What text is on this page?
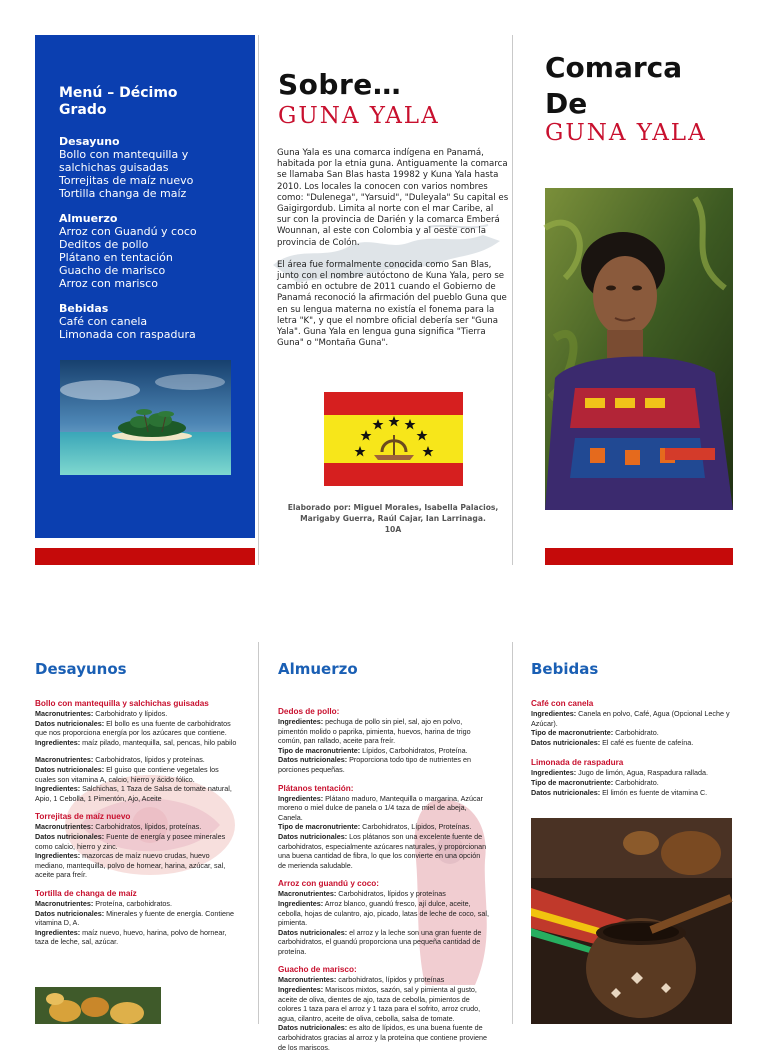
Menú – Décimo
Grado
Desayuno
Bollo con mantequilla y
salchichas guisadas
Torrejitas de maíz nuevo
Tortilla changa de maíz
Almuerzo
Arroz con Guandú y coco
Deditos de pollo
Plátano en tentación
Guacho de marisco
Arroz con marisco
Bebidas
Café con canela
Limonada con raspadura
Sobre…
GUNA YALA

Guna Yala es una comarca indígena en Panamá, habitada por la etnia guna. Antiguamente la comarca se llamaba San Blas hasta 19982 y Kuna Yala hasta 2010. Los locales la conocen con varios nombres como: "Dulenega", "Yarsuid", "Duleyala" Su capital es Gaigirgordub. Limita al norte con el mar Caribe, al sur con la provincia de Darién y la comarca Emberá Wounnan, al este con Colombia y al oeste con la provincia de Colón.

El área fue formalmente conocida como San Blas, junto con el nombre autóctono de Kuna Yala, pero se cambió en octubre de 2011 cuando el Gobierno de Panamá reconoció la afirmación del pueblo Guna que en su lengua materna no existía el fonema para la letra "K", y que el nombre oficial debería ser "Guna Yala". Guna Yala en lengua guna significa "Tierra Guna" o "Montaña Guna".

Elaborado por: Miguel Morales, Isabella Palacios,
Marigaby Guerra, Raúl Cajar, Ian Larrinaga.
10A
Comarca
De
GUNA YALA
Desayunos
Bollo con mantequilla y salchichas guisadas
Macronutrientes: Carbohidrato y lípidos.
Datos nutricionales: El bollo es una fuente de carbohidratos que nos proporciona energía por los azúcares que contiene.
Ingredientes: maíz pilado, mantequilla, sal, pencas, hilo pabilo
Macronutrientes: Carbohidratos, lípidos y proteínas.
Datos nutricionales: El guiso que contiene vegetales los cuales son vitamina A, calcio, hierro y ácido fólico.
Ingredientes: Salchichas, 1 Taza de Salsa de tomate natural, Apio, 1 Cebolla, 1 Pimentón, Ajo, Aceite
Torrejitas de maíz nuevo
Macronutrientes: Carbohidratos, lípidos, proteínas.
Datos nutricionales: Fuente de energía y posee minerales como calcio, hierro y zinc.
Ingredientes: mazorcas de maíz nuevo crudas, huevo mediano, mantequilla, polvo de hornear, harina, azúcar, sal, aceite para freír.
Tortilla de changa de maíz
Macronutrientes: Proteína, carbohidratos.
Datos nutricionales: Minerales y fuente de energía. Contiene vitamina D, A.
Ingredientes: maíz nuevo, huevo, harina, polvo de hornear, taza de leche, sal, azúcar.
Almuerzo
Dedos de pollo:
Ingredientes: pechuga de pollo sin piel, sal, ajo en polvo, pimentón molido o paprika, pimienta, huevos, harina de trigo común, pan rallado, aceite para freír.
Tipo de macronutriente: Lípidos, Carbohidratos, Proteína.
Datos nutricionales: Proporciona todo tipo de nutrientes en porciones pequeñas.
Plátanos tentación:
Ingredientes: Plátano maduro, Mantequilla o margarina, Azúcar moreno o miel dulce de panela o 1/4 taza de miel de abeja, Canela.
Tipo de macronutriente: Carbohidratos, Lípidos, Proteínas.
Datos nutricionales: Los plátanos son una excelente fuente de carbohidratos, especialmente azúcares naturales, y proporcionan una buena cantidad de fibra, lo que los convierte en una opción de merienda saludable.
Arroz con guandú y coco:
Macronutrientes: Carbohidratos, lípidos y proteínas
Ingredientes: Arroz blanco, guandú fresco, ají dulce, aceite, cebolla, hojas de culantro, ajo, picado, latas de leche de coco, sal, pimienta.
Datos nutricionales: el arroz y la leche son una gran fuente de carbohidratos, el guandú proporciona una pequeña cantidad de proteína.
Guacho de marisco:
Macronutrientes: carbohidratos, lípidos y proteínas
Ingredientes: Mariscos mixtos, sazón, sal y pimienta al gusto, aceite de oliva, dientes de ajo, taza de cebolla, pimientos de colores 1 taza para el arroz y 1 taza para el sofrito, arroz crudo, agua, cilantro, aceite de oliva, cebolla, salsa de tomate.
Datos nutricionales: es alto de lípidos, es una buena fuente de carbohidratos gracias al arroz y la proteína que contiene proviene de los mariscos.
Bebidas
Café con canela
Ingredientes: Canela en polvo, Café, Agua (Opcional Leche y Azúcar).
Tipo de macronutriente: Carbohidrato.
Datos nutricionales: El café es fuente de cafeína.
Limonada de raspadura
Ingredientes: Jugo de limón, Agua, Raspadura rallada.
Tipo de macronutriente: Carbohidrato.
Datos nutricionales: El limón es fuente de vitamina C.
